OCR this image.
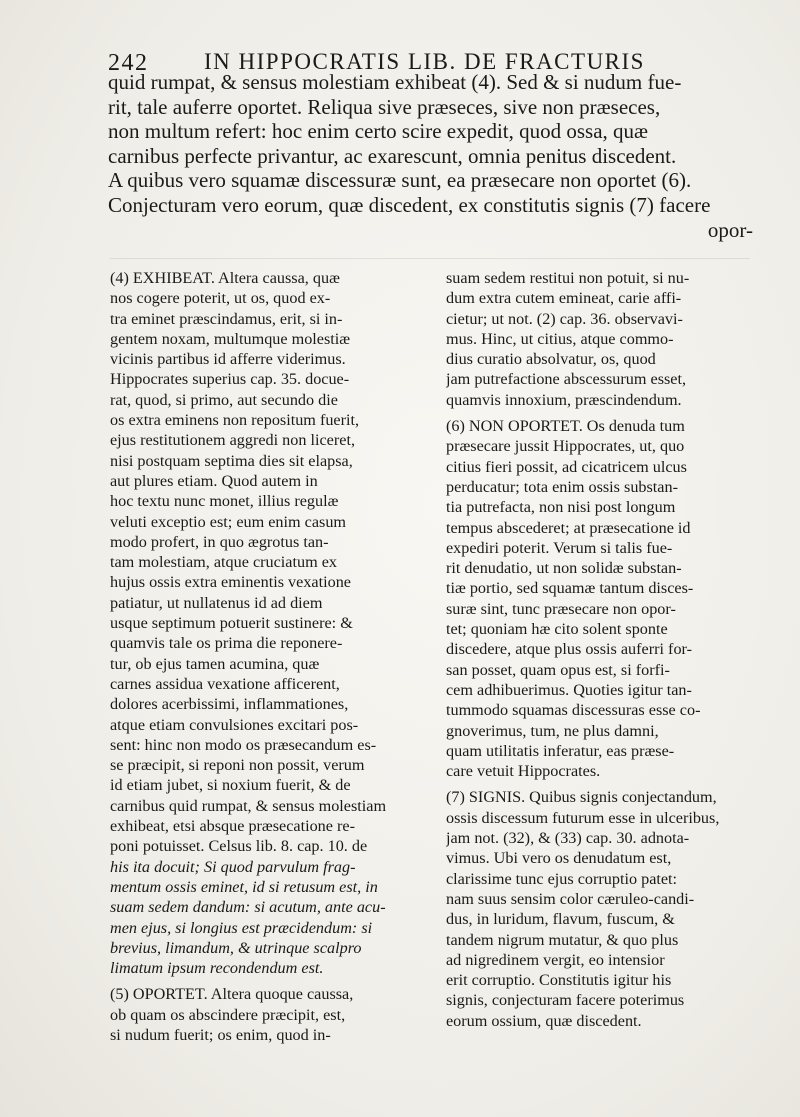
242 IN HIPPOCRATIS LIB. DE FRACTURIS
quid rumpat, & sensus molestiam exhibeat (4). Sed & si nudum fue-
rit, tale auferre oportet. Reliqua sive præseces, sive non præseces,
non multum refert: hoc enim certo scire expedit, quod ossa, quæ
carnibus perfecte privantur, ac exarescunt, omnia penitus discedent.
A quibus vero squamæ discessuræ sunt, ea præsecare non oportet (6).
Conjecturam vero eorum, quæ discedent, ex constitutis signis (7) facere
opor-
(4) EXHIBEAT. Altera caussa, quæ
nos cogere poterit, ut os, quod ex-
tra eminet præscindamus, erit, si in-
gentem noxam, multumque molestiæ
vicinis partibus id afferre viderimus.
Hippocrates superius cap. 35. docue-
rat, quod, si primo, aut secundo die
os extra eminens non repositum fuerit,
ejus restitutionem aggredi non liceret,
nisi postquam septima dies sit elapsa,
aut plures etiam. Quod autem in
hoc textu nunc monet, illius regulæ
veluti exceptio est; eum enim casum
modo profert, in quo ægrotus tan-
tam molestiam, atque cruciatum ex
hujus ossis extra eminentis vexatione
patiatur, ut nullatenus id ad diem
usque septimum potuerit sustinere: &
quamvis tale os prima die reponere-
tur, ob ejus tamen acumina, quæ
carnes assidua vexatione afficerent,
dolores acerbissimi, inflammationes,
atque etiam convulsiones excitari pos-
sent: hinc non modo os præsecandum es-
se præcipit, si reponi non possit, verum
id etiam jubet, si noxium fuerit, & de
carnibus quid rumpat, & sensus molestiam
exhibeat, etsi absque præsecatione re-
poni potuisset. Celsus lib. 8. cap. 10. de
his ita docuit; Si quod parvulum frag-
mentum ossis eminet, id si retusum est, in
suam sedem dandum: si acutum, ante acu-
men ejus, si longius est præcidendum: si
brevius, limandum, & utrinque scalpro
limatum ipsum recondendum est.
(5) OPORTET. Altera quoque caussa,
ob quam os abscindere præcipit, est,
si nudum fuerit; os enim, quod in-
suam sedem restitui non potuit, si nu-
dum extra cutem emineat, carie affi-
cietur; ut not. (2) cap. 36. observavi-
mus. Hinc, ut citius, atque commo-
dius curatio absolvatur, os, quod
jam putrefactione abscessurum esset,
quamvis innoxium, præscindendum.
(6) NON OPORTET. Os denuda tum
præsecare jussit Hippocrates, ut, quo
citius fieri possit, ad cicatricem ulcus
perducatur; tota enim ossis substan-
tia putrefacta, non nisi post longum
tempus abscederet; at præsecatione id
expediri poterit. Verum si talis fue-
rit denudatio, ut non solidæ substan-
tiæ portio, sed squamæ tantum disces-
suræ sint, tunc præsecare non opor-
tet; quoniam hæ cito solent sponte
discedere, atque plus ossis auferri for-
san posset, quam opus est, si forfi-
cem adhibuerimus. Quoties igitur tan-
tummodo squamas discessuras esse co-
gnoverimus, tum, ne plus damni,
quam utilitatis inferatur, eas præse-
care vetuit Hippocrates.
(7) SIGNIS. Quibus signis conjectandum,
ossis discessum futurum esse in ulceribus,
jam not. (32), & (33) cap. 30. adnota-
vimus. Ubi vero os denudatum est,
clarissime tunc ejus corruptio patet:
nam suus sensim color cæruleo-candi-
dus, in luridum, flavum, fuscum, &
tandem nigrum mutatur, & quo plus
ad nigredinem vergit, eo intensior
erit corruptio. Constitutis igitur his
signis, conjecturam facere poterimus
eorum ossium, quæ discedent.
